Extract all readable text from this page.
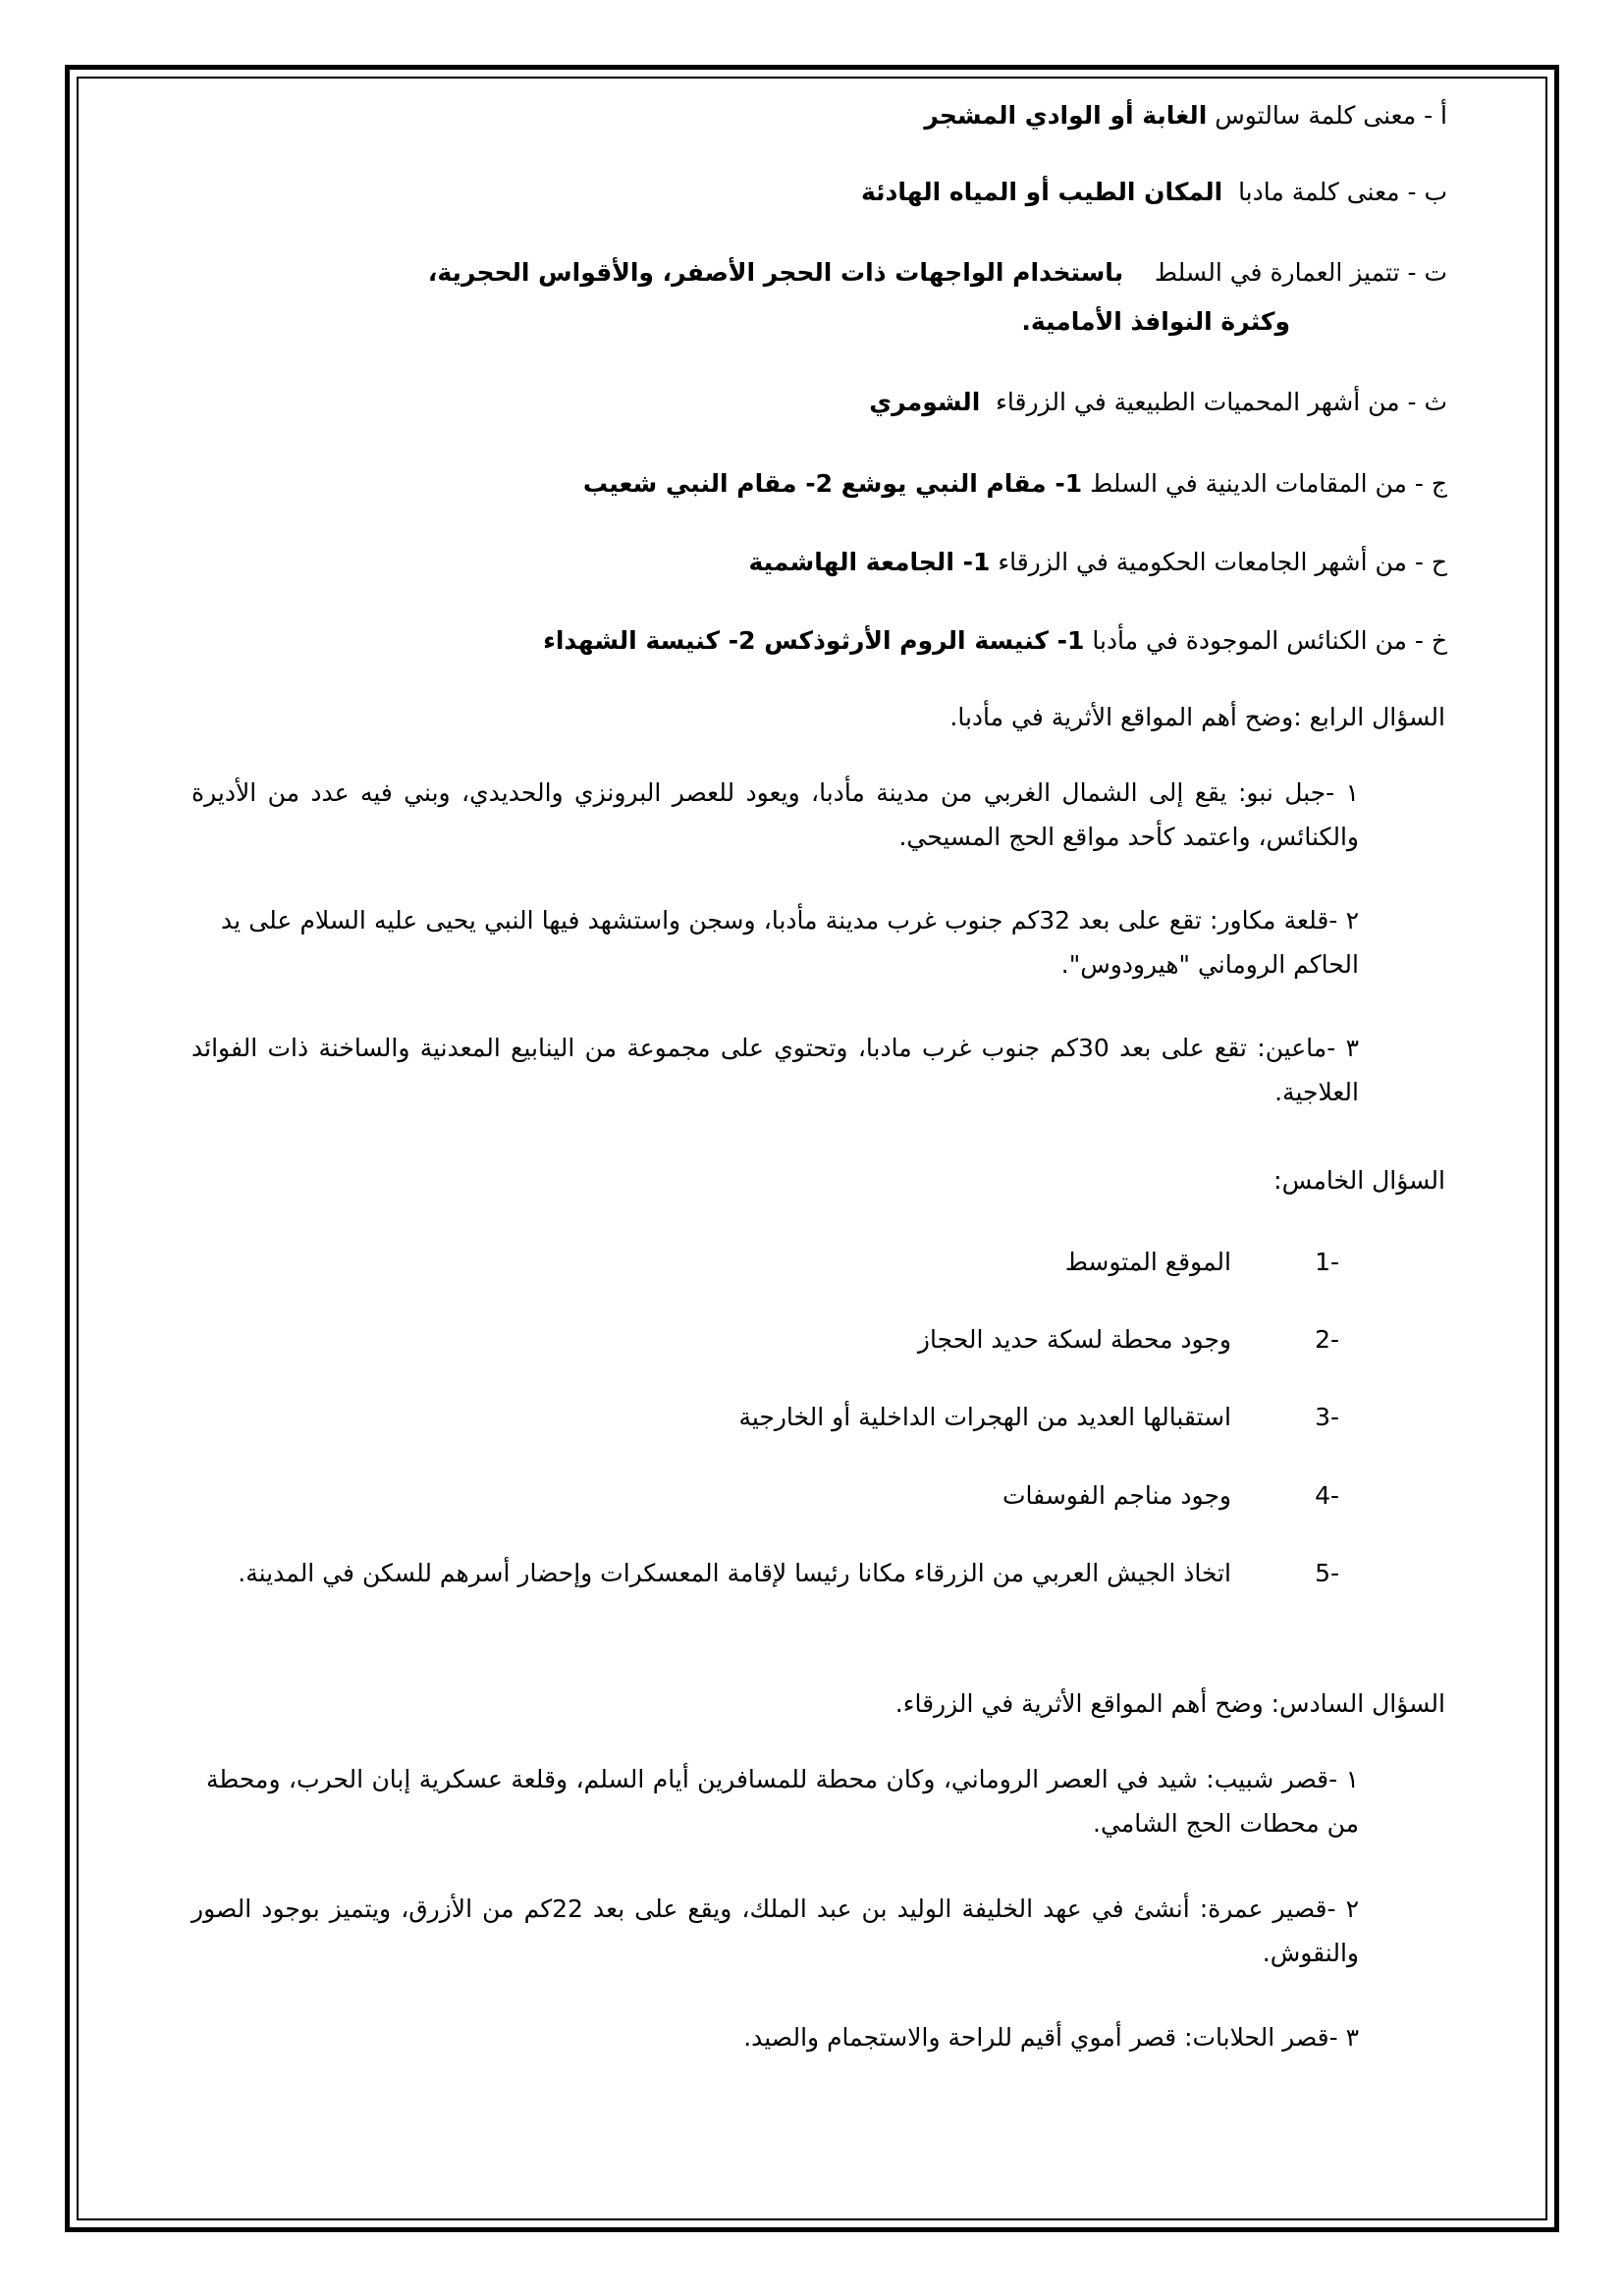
أ - معنى كلمة سالتوس الغابة أو الوادي المشجر
ب - معنى كلمة مادبا  المكان الطيب أو المياه الهادئة
ت - تتميز العمارة في السلط    باستخدام الواجهات ذات الحجر الأصفر، والأقواس الحجرية،
وكثرة النوافذ الأمامية.
ث - من أشهر المحميات الطبيعية في الزرقاء  الشومري
ج - من المقامات الدينية في السلط 1- مقام النبي يوشع 2- مقام النبي شعيب
ح - من أشهر الجامعات الحكومية في الزرقاء 1- الجامعة الهاشمية
خ - من الكنائس الموجودة في مأدبا 1- كنيسة الروم الأرثوذكس 2- كنيسة الشهداء
السؤال الرابع :وضح أهم المواقع الأثرية في مأدبا.
١ -جبل نبو: يقع إلى الشمال الغربي من مدينة مأدبا، ويعود للعصر البرونزي والحديدي، وبني فيه عدد من الأديرة والكنائس، واعتمد كأحد مواقع الحج المسيحي.
٢ -قلعة مكاور: تقع على بعد 32كم جنوب غرب مدينة مأدبا، وسجن واستشهد فيها النبي يحيى عليه السلام على يد الحاكم الروماني "هيرودوس".
٣ -ماعين: تقع على بعد 30كم جنوب غرب مادبا، وتحتوي على مجموعة من الينابيع المعدنية والساخنة ذات الفوائد العلاجية.
السؤال الخامس:
-1الموقع المتوسط
-2وجود محطة لسكة حديد الحجاز
-3استقبالها العديد من الهجرات الداخلية أو الخارجية
-4وجود مناجم الفوسفات
-5اتخاذ الجيش العربي من الزرقاء مكانا رئيسا لإقامة المعسكرات وإحضار أسرهم للسكن في المدينة.
السؤال السادس: وضح أهم المواقع الأثرية في الزرقاء.
١ -قصر شبيب: شيد في العصر الروماني، وكان محطة للمسافرين أيام السلم، وقلعة عسكرية إبان الحرب، ومحطة من محطات الحج الشامي.
٢ -قصير عمرة: أنشئ في عهد الخليفة الوليد بن عبد الملك، ويقع على بعد 22كم من الأزرق، ويتميز بوجود الصور والنقوش.
٣ -قصر الحلابات: قصر أموي أقيم للراحة والاستجمام والصيد.
